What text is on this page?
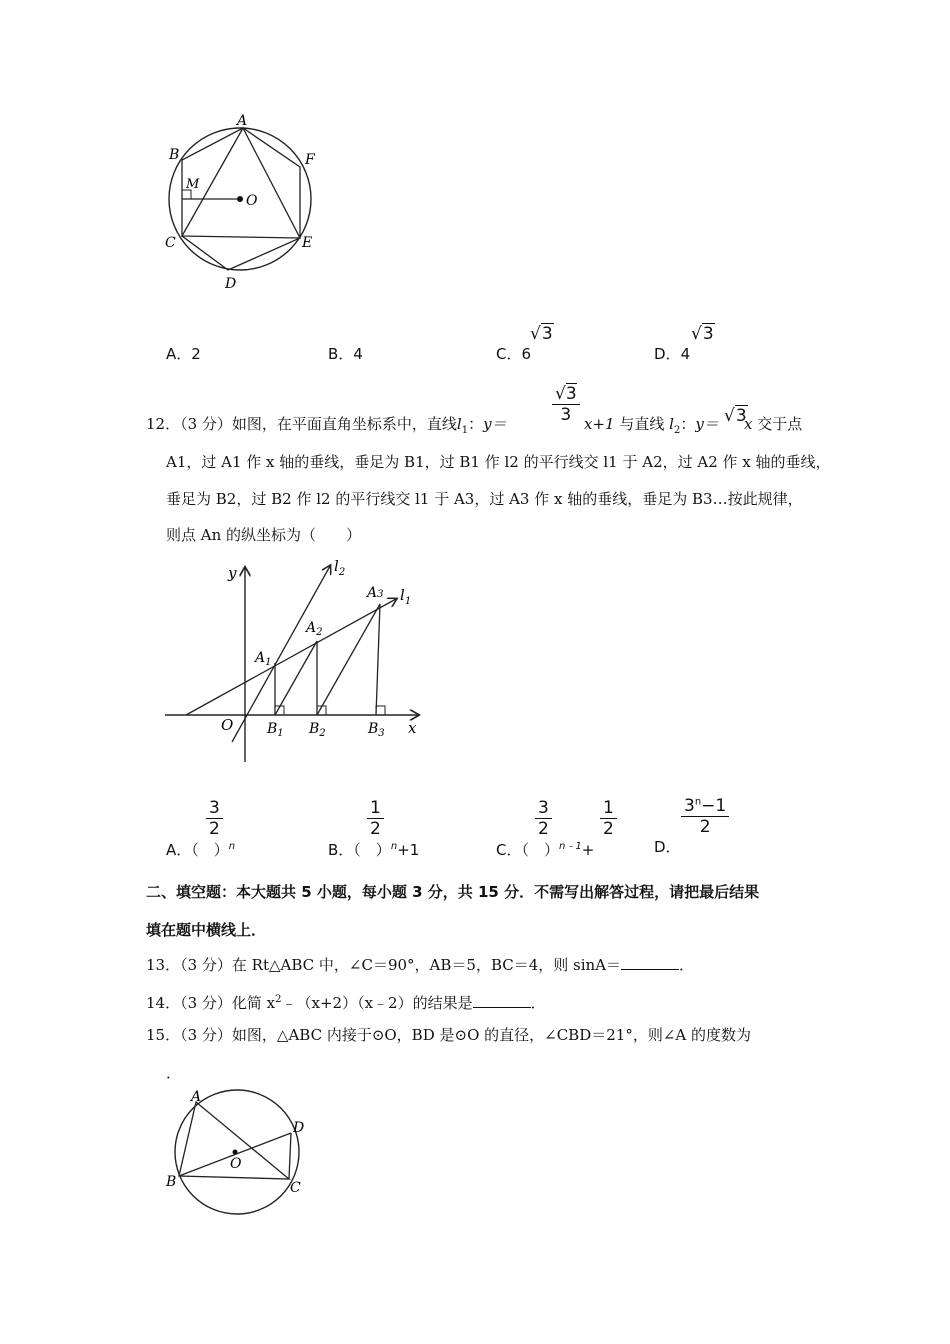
A
B
M
O
F
C	E
D
A．2	B．4	C．6
√3
D．4
√3
12．（3 分）如图，在平面直角坐标系中，直线$l_1$：y＝	$\frac{√3}{3} x+1$ 与直线 $l_2$：y＝ √3
x 交于点
A1，过 A1 作 x 轴的垂线，垂足为 B1，过 B1 作 l2 的平行线交 l1 于 A2，过 A2 作 x 轴的垂线，
垂足为 B2，过 B2 作 l2 的平行线交 l1 于 A3，过 A3 作 x 轴的垂线，垂足为 B3…按此规律，
则点 An 的纵坐标为（　　）
y
x
O
$l_2$
$l_1$
$A_1$
$A_2$
A3
$B_1$ $B_2$	$B_3$
$\frac{3}{2}$
A．（　）$^n$
$\frac{1}{2}$
B．（　）$^n$+1
$\frac{3}{2}$	$\frac{1}{2}$
C．（　）$^{n﹣1}$+
$\frac{3^n-1}{2}$
D．
二、填空题：本大题共 5 小题，每小题 3 分，共 15 分．不需写出解答过程，请把最后结果
填在题中横线上．
13．（3 分）在 Rt△ABC 中，∠C＝90°，AB＝5，BC＝4，则 sinA＝	．
14．（3 分）化简 $x^2﹣(x+2)(x﹣2)$的结果是	．
15．（3 分）如图，△ABC 内接于⊙O，BD 是⊙O 的直径，∠CBD＝21°，则∠A 的度数为
．
A
D
O
B	C
